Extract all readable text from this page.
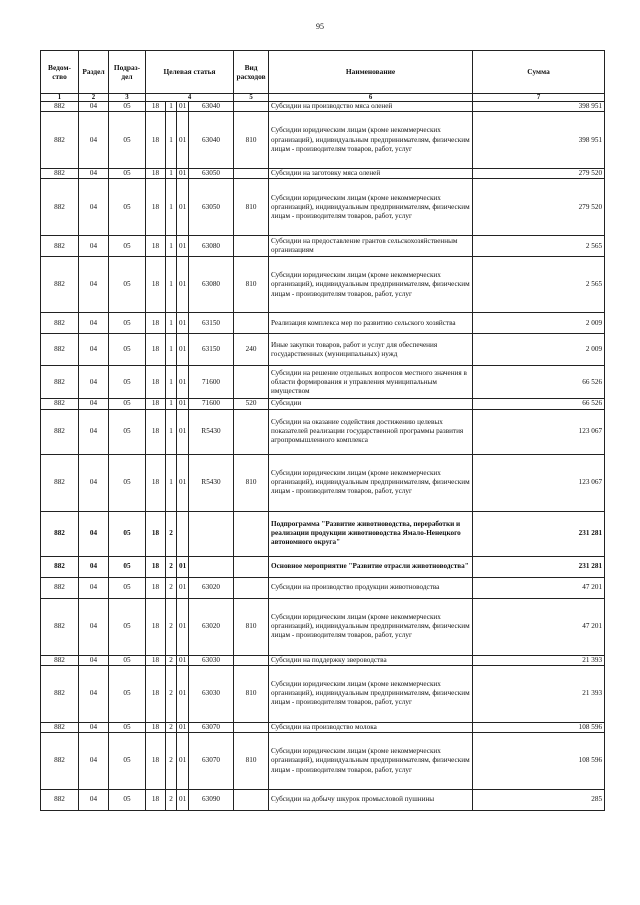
95
Ведом-ство	Раздел	Подраз-дел	Целевая статья				Вид расходов	Наименование	Сумма
1	2	3	4				5	6	7
882	04	05	18	1	01	63040		Субсидии на производство мяса оленей	398 951
882	04	05	18	1	01	63040	810	Субсидии юридическим лицам (кроме некоммерческих организаций), индивидуальным предпринимателям, физическим лицам - производителям товаров, работ, услуг	398 951
882	04	05	18	1	01	63050		Субсидии на заготовку мяса оленей	279 520
882	04	05	18	1	01	63050	810	Субсидии юридическим лицам (кроме некоммерческих организаций), индивидуальным предпринимателям, физическим лицам - производителям товаров, работ, услуг	279 520
882	04	05	18	1	01	63080		Субсидии на предоставление грантов сельскохозяйственным организациям	2 565
882	04	05	18	1	01	63080	810	Субсидии юридическим лицам (кроме некоммерческих организаций), индивидуальным предпринимателям, физическим лицам - производителям товаров, работ, услуг	2 565
882	04	05	18	1	01	63150		Реализация комплекса мер по развитию сельского хозяйства	2 009
882	04	05	18	1	01	63150	240	Иные закупки товаров, работ и услуг для обеспечения государственных (муниципальных) нужд	2 009
882	04	05	18	1	01	71600		Субсидии на решение отдельных вопросов местного значения в области формирования и управления муниципальным имуществом	66 526
882	04	05	18	1	01	71600	520	Субсидии	66 526
882	04	05	18	1	01	R5430		Субсидии на оказание содействия достижению целевых показателей реализации государственной программы развития агропромышленного комплекса	123 067
882	04	05	18	1	01	R5430	810	Субсидии юридическим лицам (кроме некоммерческих организаций), индивидуальным предпринимателям, физическим лицам - производителям товаров, работ, услуг	123 067
882	04	05	18	2				Подпрограмма "Развитие животноводства, переработки и реализации продукции животноводства Ямало-Ненецкого автономного округа"	231 281
882	04	05	18	2	01			Основное мероприятие "Развитие отрасли животноводства"	231 281
882	04	05	18	2	01	63020		Субсидии на производство продукции животноводства	47 201
882	04	05	18	2	01	63020	810	Субсидии юридическим лицам (кроме некоммерческих организаций), индивидуальным предпринимателям, физическим лицам - производителям товаров, работ, услуг	47 201
882	04	05	18	2	01	63030		Субсидии на поддержку звероводства	21 393
882	04	05	18	2	01	63030	810	Субсидии юридическим лицам (кроме некоммерческих организаций), индивидуальным предпринимателям, физическим лицам - производителям товаров, работ, услуг	21 393
882	04	05	18	2	01	63070		Субсидии на производство молока	108 596
882	04	05	18	2	01	63070	810	Субсидии юридическим лицам (кроме некоммерческих организаций), индивидуальным предпринимателям, физическим лицам - производителям товаров, работ, услуг	108 596
882	04	05	18	2	01	63090		Субсидии на добычу шкурок промысловой пушнины	285
